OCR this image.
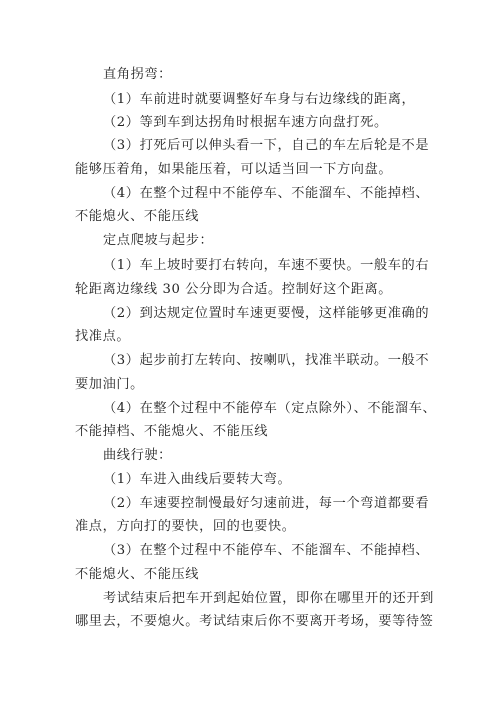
直角拐弯：
（1）车前进时就要调整好车身与右边缘线的距离，
（2）等到车到达拐角时根据车速方向盘打死。
（3）打死后可以伸头看一下，自己的车左后轮是不是
能够压着角，如果能压着，可以适当回一下方向盘。
（4）在整个过程中不能停车、不能溜车、不能掉档、
不能熄火、不能压线
定点爬坡与起步：
（1）车上坡时要打右转向，车速不要快。一般车的右
轮距离边缘线 30 公分即为合适。控制好这个距离。
（2）到达规定位置时车速更要慢，这样能够更准确的
找准点。
（3）起步前打左转向、按喇叭，找准半联动。一般不
要加油门。
（4）在整个过程中不能停车（定点除外）、不能溜车、
不能掉档、不能熄火、不能压线
曲线行驶：
（1）车进入曲线后要转大弯。
（2）车速要控制慢最好匀速前进，每一个弯道都要看
准点，方向打的要快，回的也要快。
（3）在整个过程中不能停车、不能溜车、不能掉档、
不能熄火、不能压线
考试结束后把车开到起始位置，即你在哪里开的还开到
哪里去，不要熄火。考试结束后你不要离开考场，要等待签
